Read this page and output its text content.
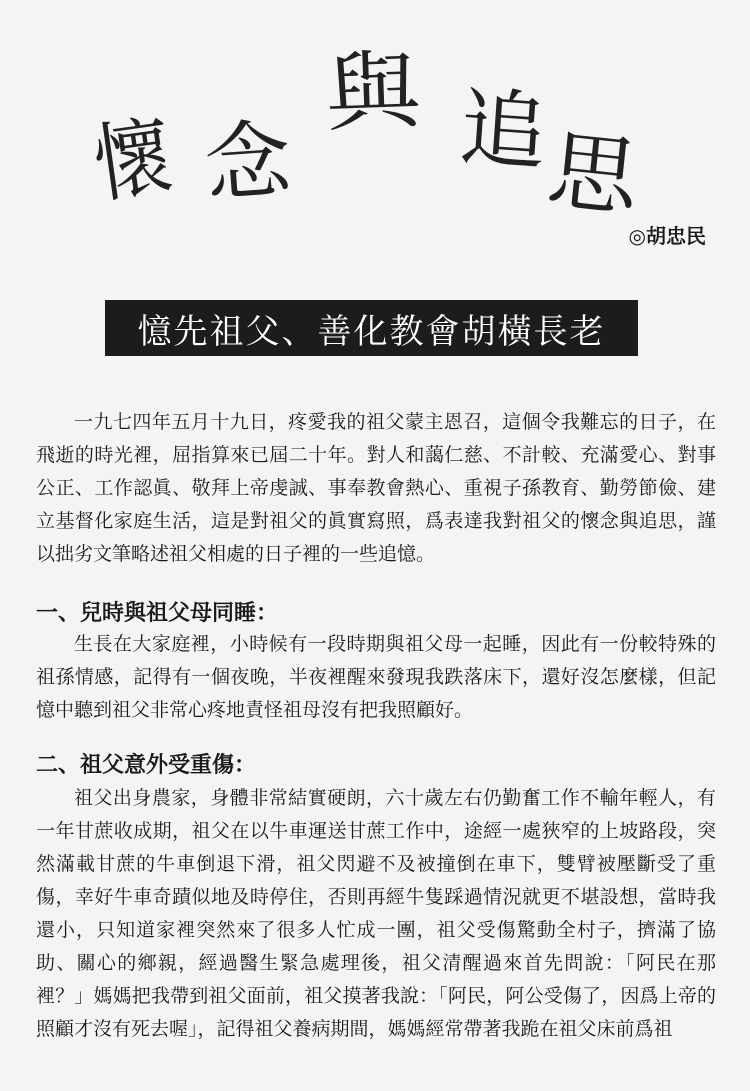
懷 念
與 追
思
◎胡忠民
憶先祖父、善化教會胡橫長老

一九七四年五月十九日，疼愛我的祖父蒙主恩召，這個令我難忘的日子，在飛逝的時光裡，屈指算來已屆二十年。對人和藹仁慈、不計較、充滿愛心、對事公正、工作認眞、敬拜上帝虔誠、事奉教會熱心、重視子孫教育、勤勞節儉、建立基督化家庭生活，這是對祖父的眞實寫照，爲表達我對祖父的懷念與追思，謹以拙劣文筆略述祖父相處的日子裡的一些追憶。

一、兒時與祖父母同睡：

生長在大家庭裡，小時候有一段時期與祖父母一起睡，因此有一份較特殊的祖孫情感，記得有一個夜晚，半夜裡醒來發現我跌落床下，還好沒怎麼樣，但記憶中聽到祖父非常心疼地責怪祖母沒有把我照顧好。

二、祖父意外受重傷：

祖父出身農家，身體非常結實硬朗，六十歲左右仍勤奮工作不輸年輕人，有一年甘蔗收成期，祖父在以牛車運送甘蔗工作中，途經一處狹窄的上坡路段，突然滿載甘蔗的牛車倒退下滑，祖父閃避不及被撞倒在車下，雙臂被壓斷受了重傷，幸好牛車奇蹟似地及時停住，否則再經牛隻踩過情況就更不堪設想，當時我還小，只知道家裡突然來了很多人忙成一團，祖父受傷驚動全村子，擠滿了協助、關心的鄉親，經過醫生緊急處理後，祖父清醒過來首先問說：「阿民在那裡？」媽媽把我帶到祖父面前，祖父摸著我說：「阿民，阿公受傷了，因爲上帝的照顧才沒有死去喔」，記得祖父養病期間，媽媽經常帶著我跪在祖父床前爲祖
